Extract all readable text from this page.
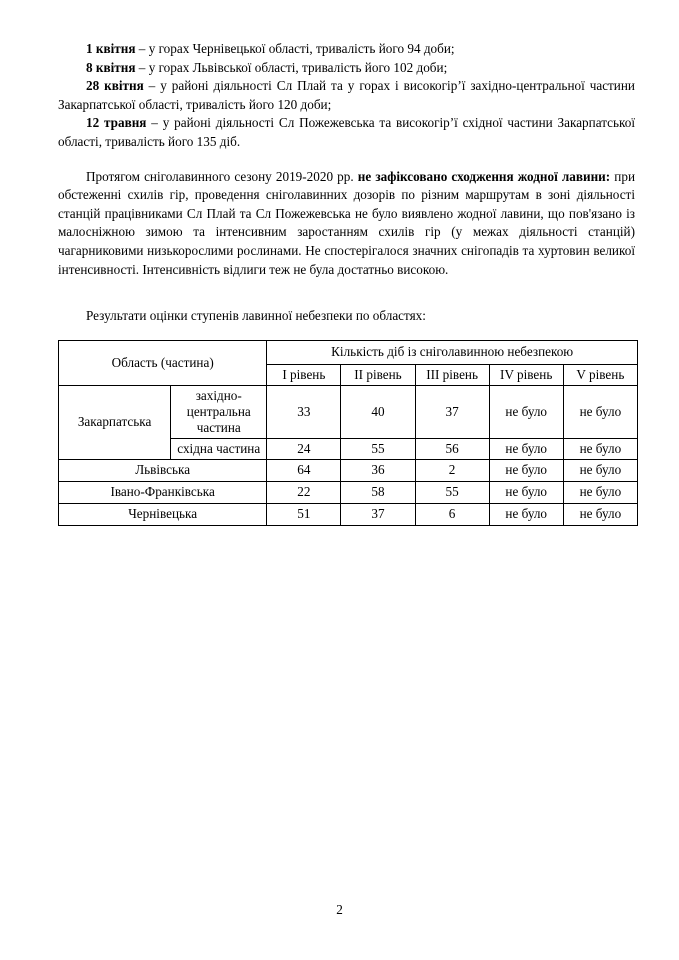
1 квітня – у горах Чернівецької області, тривалість його 94 доби;

8 квітня – у горах Львівської області, тривалість його 102 доби;

28 квітня – у районі діяльності Сл Плай та у горах і високогір’ї західно-центральної частини Закарпатської області, тривалість його 120 доби;

12 травня – у районі діяльності Сл Пожежевська та високогір’ї східної частини Закарпатської області, тривалість його 135 діб.

Протягом сніголавинного сезону 2019-2020 рр. не зафіксовано сходження жодної лавини: при обстеженні схилів гір, проведення сніголавинних дозорів по різним маршрутам в зоні діяльності станцій працівниками Сл Плай та Сл Пожежевська не було виявлено жодної лавини, що пов'язано із малосніжною зимою та інтенсивним заростанням схилів гір (у межах діяльності станцій) чагарниковими низькорослими рослинами. Не спостерігалося значних снігопадів та хуртовин великої інтенсивності. Інтенсивність відлиги теж не була достатньо високою.

Результати оцінки ступенів лавинної небезпеки по областях:

Область (частина)		Кількість діб із сніголавинною небезпекою				
		I рівень	II рівень	III рівень	IV рівень	V рівень
Закарпатська	західно-центральна частина	33	40	37	не було	не було
	східна частина	24	55	56	не було	не було
Львівська		64	36	2	не було	не було
Івано-Франківська		22	58	55	не було	не було
Чернівецька		51	37	6	не було	не було
2
